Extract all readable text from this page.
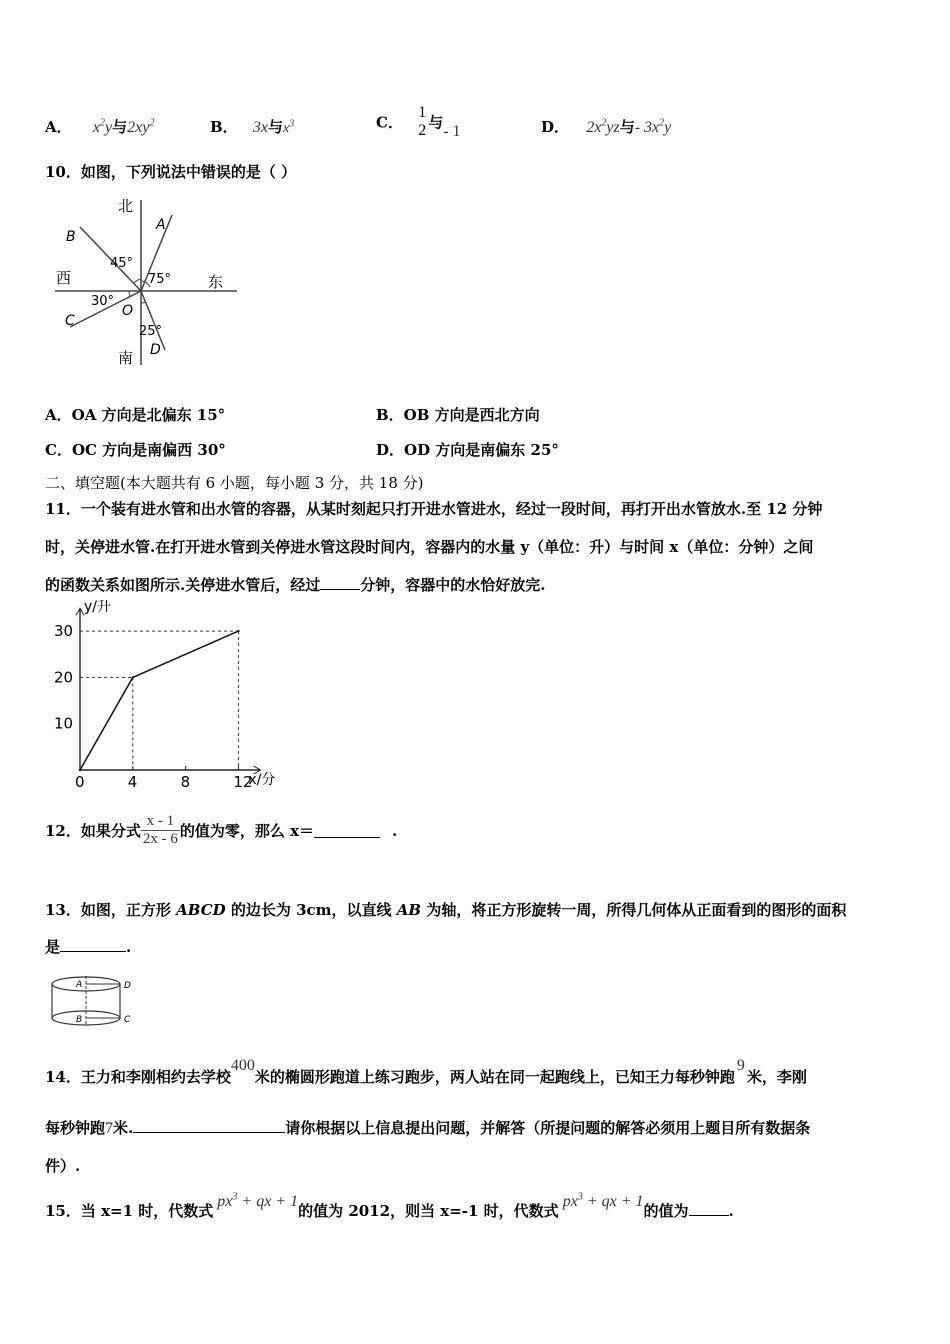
A． $x^2y$与$2xy^2$	B． 3x与$x^3$	C．
1
2 与- 1	D． $2x^2yz$与- $3x^2y$
10．如图，下列说法中错误的是（ ）
北
南
西	东
A
B
C
D
O
45°
75°
30°
25°
A．OA 方向是北偏东 15°	B．OB 方向是西北方向
C．OC 方向是南偏西 30°	D．OD 方向是南偏东 25°
二、填空题(本大题共有 6 小题，每小题 3 分，共 18 分)
11．一个装有进水管和出水管的容器，从某时刻起只打开进水管进水，经过一段时间，再打开出水管放水.至 12 分钟
时，关停进水管.在打开进水管到关停进水管这段时间内，容器内的水量 y（单位：升）与时间 x（单位：分钟）之间
的函数关系如图所示.关停进水管后，经过	分钟，容器中的水恰好放完.
y/升
x/分
0	4	8	12
10
20
30
12．如果分式 $\frac{x - 1}{2x - 6}$ 的值为零，那么 x＝	.
13．如图，正方形 ABCD 的边长为 3cm，以直线 AB 为轴，将正方形旋转一周，所得几何体从正面看到的图形的面积
是	.
A
B
D
C
14．王力和李刚相约去学校400米的椭圆形跑道上练习跑步，两人站在同一起跑线上，已知王力每秒钟跑9米，李刚
每秒钟跑7米.	请你根据以上信息提出问题，并解答（所提问题的解答必须用上题目所有数据条
件）.
15．当 x=1 时，代数式$px^3$ + qx + 1的值为 2012，则当 x=-1 时，代数式$px^3$ + qx + 1的值为	.
